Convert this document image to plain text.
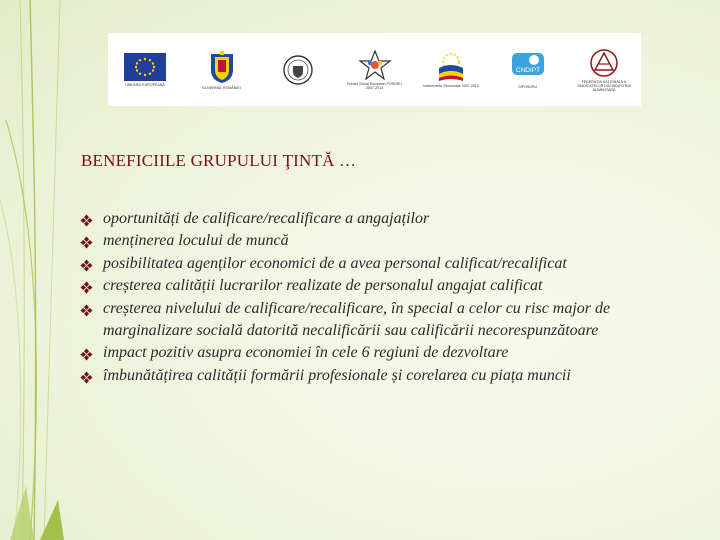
UNIUNEA EUROPEANĂ
GUVERNUL ROMÂNIEI
Fondul Social European POSDRU 2007-2013	Instrumente Structurale 2007-2013
CNDIPT
OIPOSDRU
FEDERAȚIA NAȚIONALĂ A SINDICATELOR DIN INDUSTRIA ALIMENTARĂ
BENEFICIILE GRUPULUI ŢINTĂ …
oportunități de calificare/recalificare a angajaților
menținerea locului de muncă
posibilitatea agenților economici de a avea personal calificat/recalificat
creșterea calității lucrarilor realizate de personalul angajat calificat
creșterea nivelului de calificare/recalificare, în special a celor cu risc major de marginalizare socială datorită necalificării sau calificării necorespunzătoare
impact pozitiv asupra economiei în cele 6 regiuni de dezvoltare
îmbunătățirea calității formării profesionale și corelarea cu piața muncii
